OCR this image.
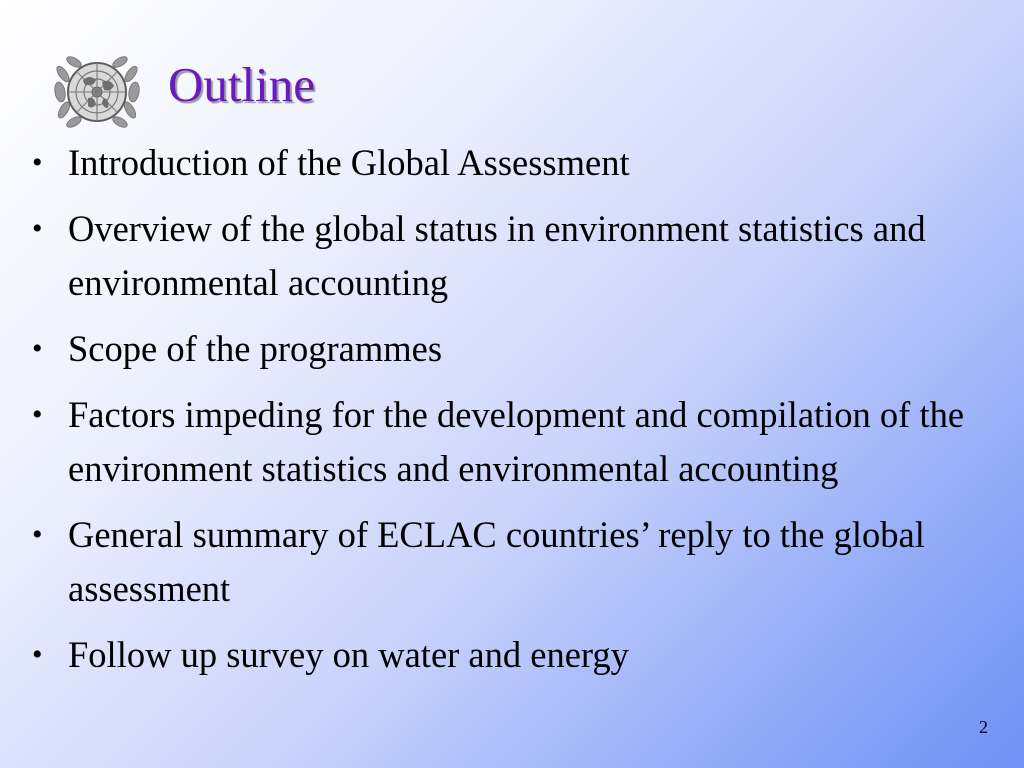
Outline
• Introduction of the Global Assessment
• Overview of the global status in environment statistics and environmental accounting
• Scope of the programmes
• Factors impeding for the development and compilation of the environment statistics and environmental accounting
• General summary of ECLAC countries’ reply to the global assessment
• Follow up survey on water and energy
2
